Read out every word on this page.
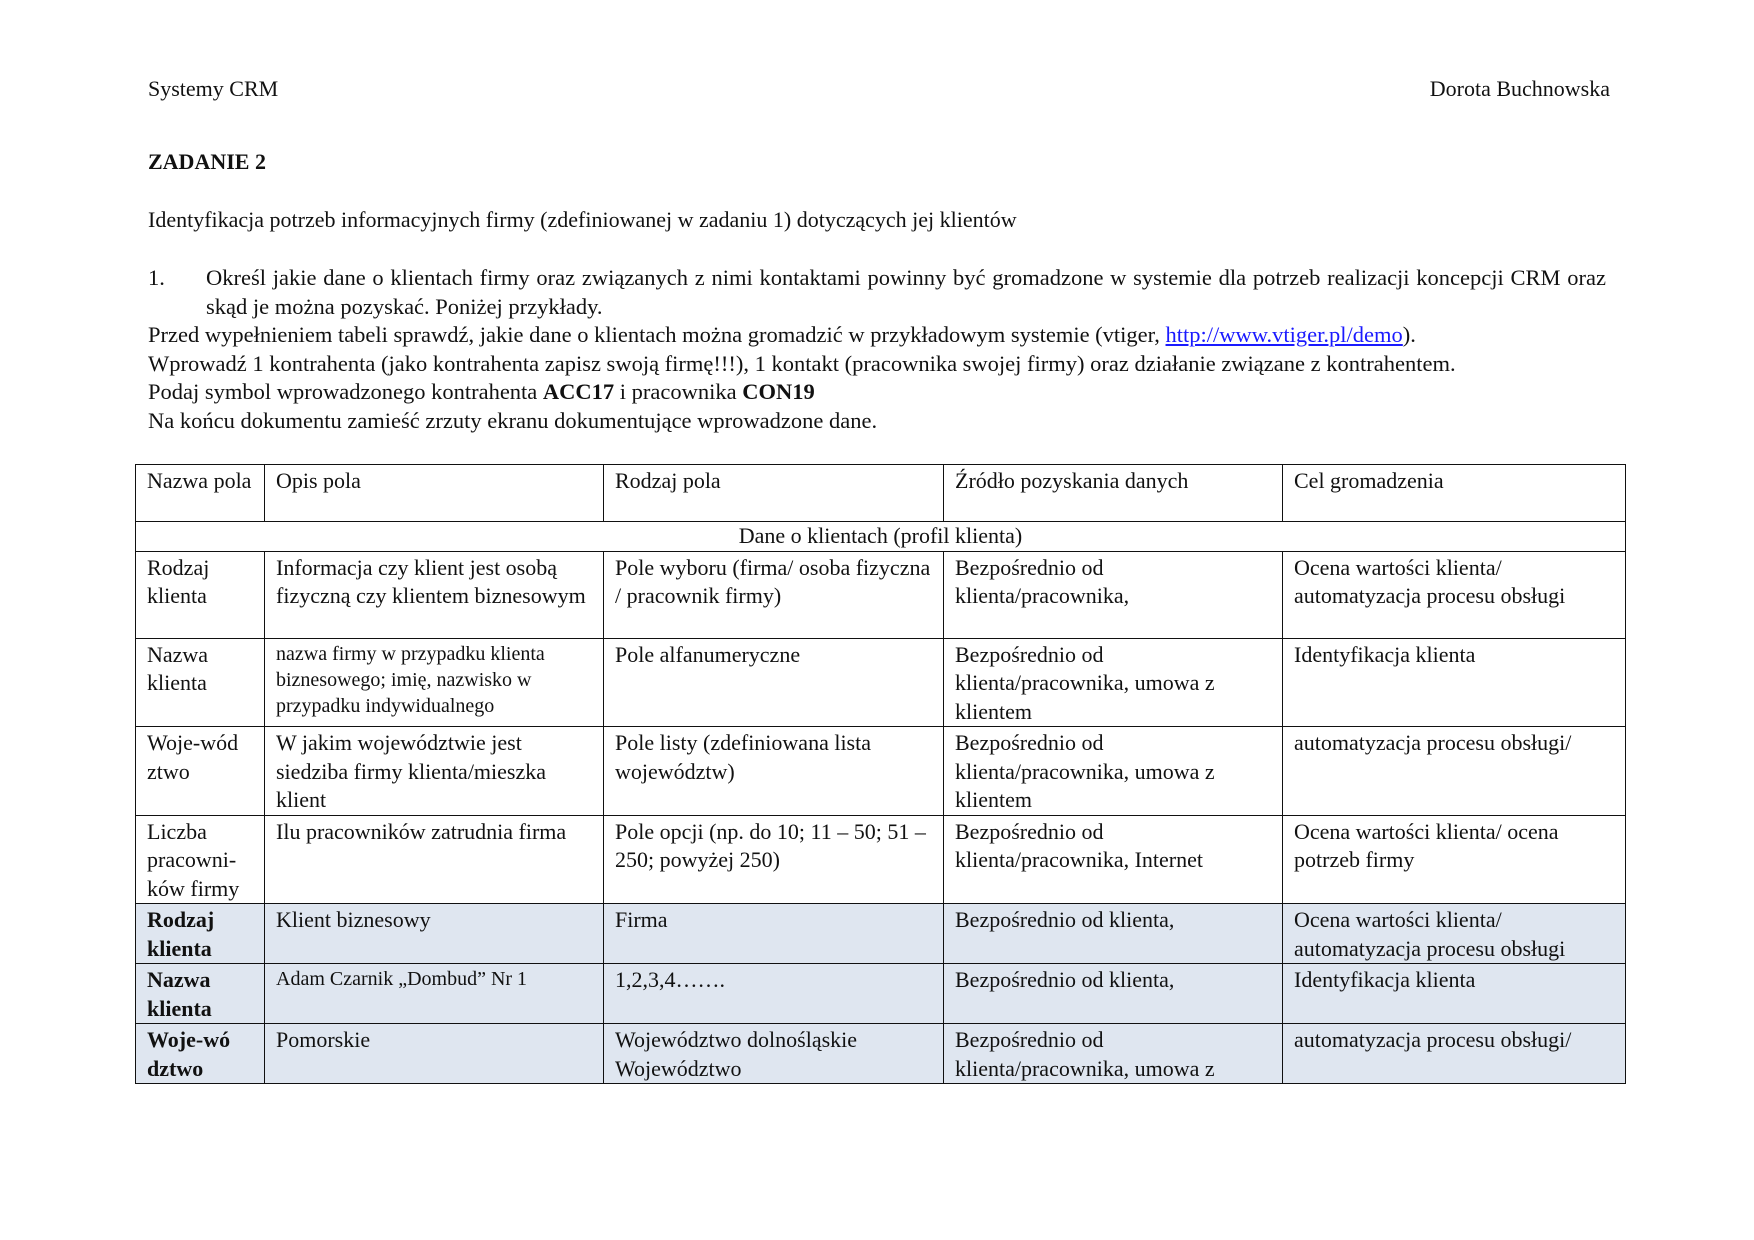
Systemy CRM	Dorota Buchnowska
ZADANIE 2
Identyfikacja potrzeb informacyjnych firmy (zdefiniowanej w zadaniu 1) dotyczących jej klientów
1.	Określ jakie dane o klientach firmy oraz związanych z nimi kontaktami powinny być gromadzone w systemie dla potrzeb realizacji koncepcji CRM oraz skąd je można pozyskać. Poniżej przykłady.

Przed wypełnieniem tabeli sprawdź, jakie dane o klientach można gromadzić w przykładowym systemie (vtiger, http://www.vtiger.pl/demo).

Wprowadź 1 kontrahenta (jako kontrahenta zapisz swoją firmę!!!), 1 kontakt (pracownika swojej firmy) oraz działanie związane z kontrahentem.

Podaj symbol wprowadzonego kontrahenta ACC17 i pracownika CON19

Na końcu dokumentu zamieść zrzuty ekranu dokumentujące wprowadzone dane.

Nazwa pola	Opis pola	Rodzaj pola	Źródło pozyskania danych	Cel gromadzenia
Dane o klientach (profil klienta)				
Rodzaj klienta	Informacja czy klient jest osobą fizyczną czy klientem biznesowym	Pole wyboru (firma/ osoba fizyczna / pracownik firmy)	Bezpośrednio od klienta/pracownika,	Ocena wartości klienta/ automatyzacja procesu obsługi
Nazwa klienta	nazwa firmy w przypadku klienta biznesowego; imię, nazwisko w przypadku indywidualnego	Pole alfanumeryczne	Bezpośrednio od klienta/pracownika, umowa z klientem	Identyfikacja klienta
Woje-wód ztwo	W jakim województwie jest siedziba firmy klienta/mieszka klient	Pole listy (zdefiniowana lista województw)	Bezpośrednio od klienta/pracownika, umowa z klientem	automatyzacja procesu obsługi/
Liczba pracowni-ków firmy	Ilu pracowników zatrudnia firma	Pole opcji (np. do 10; 11 – 50; 51 – 250; powyżej 250)	Bezpośrednio od klienta/pracownika, Internet	Ocena wartości klienta/ ocena potrzeb firmy
Rodzaj klienta	Klient biznesowy	Firma	Bezpośrednio od klienta,	Ocena wartości klienta/ automatyzacja procesu obsługi
Nazwa klienta	Adam Czarnik „Dombud” Nr 1	1,2,3,4…….	Bezpośrednio od klienta,	Identyfikacja klienta
Woje-wó dztwo	Pomorskie	Województwo dolnośląskie Województwo	Bezpośrednio od klienta/pracownika, umowa z	automatyzacja procesu obsługi/
